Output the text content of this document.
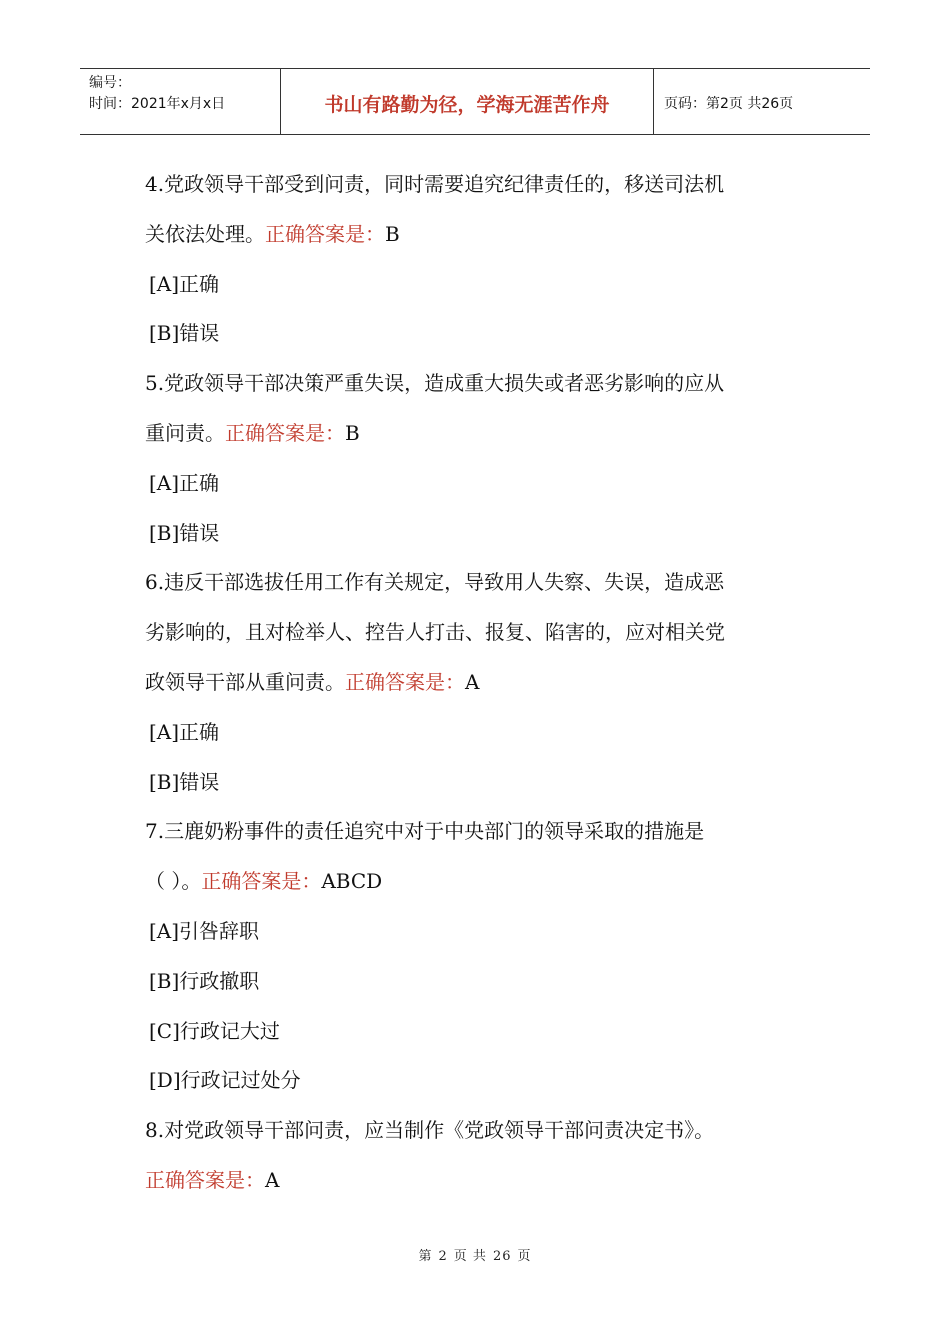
编号：
时间：2021年x月x日	书山有路勤为径，学海无涯苦作舟	页码：第2页 共26页
4.党政领导干部受到问责，同时需要追究纪律责任的，移送司法机
关依法处理。正确答案是：B
[A]正确
[B]错误
5.党政领导干部决策严重失误，造成重大损失或者恶劣影响的应从
重问责。正确答案是：B
[A]正确
[B]错误
6.违反干部选拔任用工作有关规定，导致用人失察、失误，造成恶
劣影响的，且对检举人、控告人打击、报复、陷害的，应对相关党
政领导干部从重问责。正确答案是：A
[A]正确
[B]错误
7.三鹿奶粉事件的责任追究中对于中央部门的领导采取的措施是
（ ）。正确答案是：ABCD
[A]引咎辞职
[B]行政撤职
[C]行政记大过
[D]行政记过处分
8.对党政领导干部问责，应当制作《党政领导干部问责决定书》。
正确答案是：A
第 2 页 共 26 页
